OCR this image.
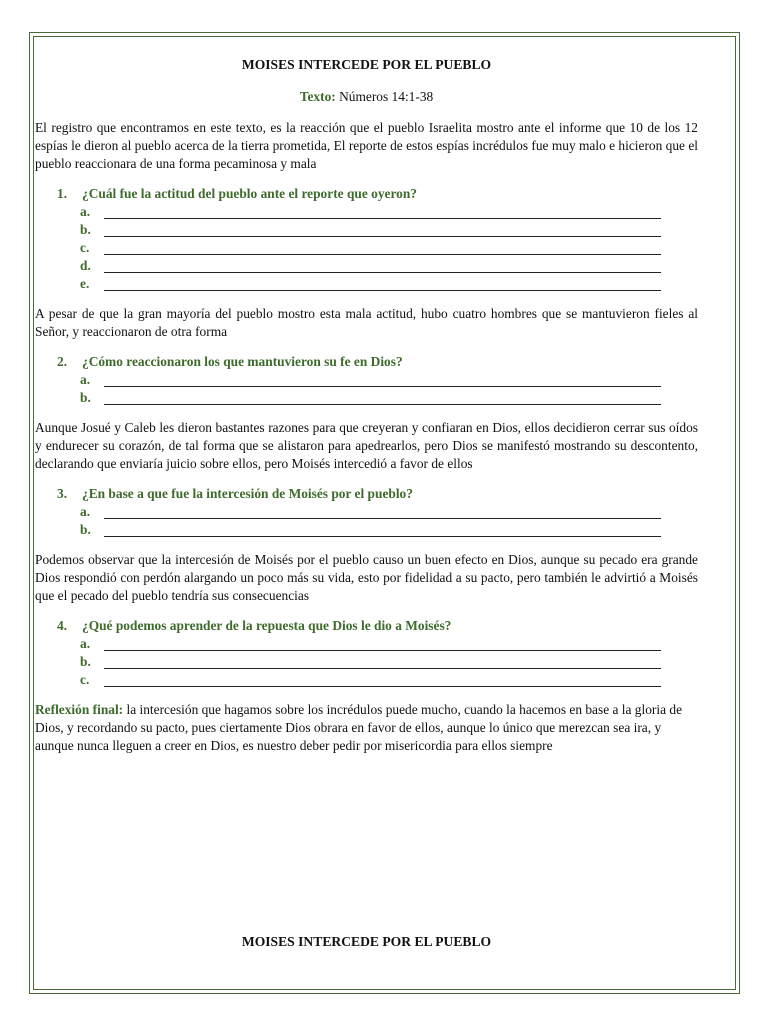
MOISES INTERCEDE POR EL PUEBLO
Texto: Números 14:1-38

El registro que encontramos en este texto, es la reacción que el pueblo Israelita mostro ante el informe que 10 de los 12 espías le dieron al pueblo acerca de la tierra prometida, El reporte de estos espías incrédulos fue muy malo e hicieron que el pueblo reaccionara de una forma pecaminosa y mala

1.	¿Cuál fue la actitud del pueblo ante el reporte que oyeron?
a.
b.
c.
d.
e.

A pesar de que la gran mayoría del pueblo mostro esta mala actitud, hubo cuatro hombres que se mantuvieron fieles al Señor, y reaccionaron de otra forma

2.	¿Cómo reaccionaron los que mantuvieron su fe en Dios?
a.
b.

Aunque Josué y Caleb les dieron bastantes razones para que creyeran y confiaran en Dios, ellos decidieron cerrar sus oídos y endurecer su corazón, de tal forma que se alistaron para apedrearlos, pero Dios se manifestó mostrando su descontento, declarando que enviaría juicio sobre ellos, pero Moisés intercedió a favor de ellos

3.	¿En base a que fue la intercesión de Moisés por el pueblo?
a.
b.

Podemos observar que la intercesión de Moisés por el pueblo causo un buen efecto en Dios, aunque su pecado era grande Dios respondió con perdón alargando un poco más su vida, esto por fidelidad a su pacto, pero también le advirtió a Moisés que el pecado del pueblo tendría sus consecuencias

4.	¿Qué podemos aprender de la repuesta que Dios le dio a Moisés?
a.
b.
c.

Reflexión final: la intercesión que hagamos sobre los incrédulos puede mucho, cuando la hacemos en base a la gloria de Dios, y recordando su pacto, pues ciertamente Dios obrara en favor de ellos, aunque lo único que merezcan sea ira, y aunque nunca lleguen a creer en Dios, es nuestro deber pedir por misericordia para ellos siempre

MOISES INTERCEDE POR EL PUEBLO
